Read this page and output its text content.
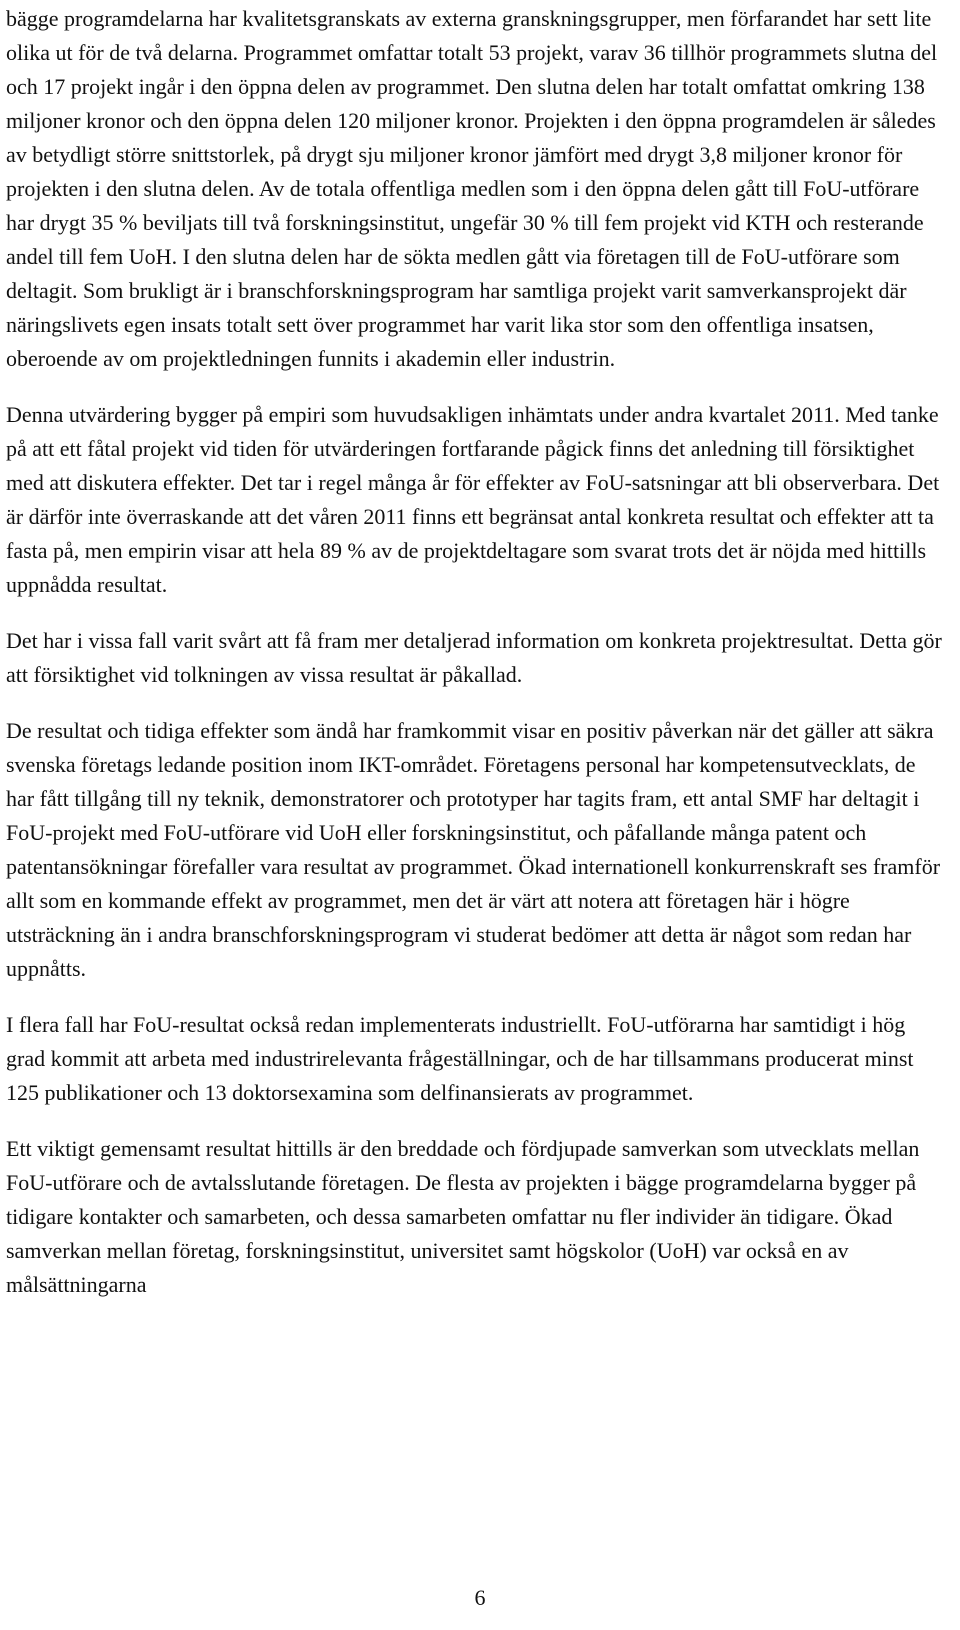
bägge programdelarna har kvalitetsgranskats av externa granskningsgrupper, men förfarandet har sett lite olika ut för de två delarna. Programmet omfattar totalt 53 projekt, varav 36 tillhör programmets slutna del och 17 projekt ingår i den öppna delen av programmet. Den slutna delen har totalt omfattat omkring 138 miljoner kronor och den öppna delen 120 miljoner kronor. Projekten i den öppna programdelen är således av betydligt större snittstorlek, på drygt sju miljoner kronor jämfört med drygt 3,8 miljoner kronor för projekten i den slutna delen. Av de totala offentliga medlen som i den öppna delen gått till FoU-utförare har drygt 35 % beviljats till två forskningsinstitut, ungefär 30 % till fem projekt vid KTH och resterande andel till fem UoH. I den slutna delen har de sökta medlen gått via företagen till de FoU-utförare som deltagit. Som brukligt är i branschforskningsprogram har samtliga projekt varit samverkansprojekt där näringslivets egen insats totalt sett över programmet har varit lika stor som den offentliga insatsen, oberoende av om projektledningen funnits i akademin eller industrin.

Denna utvärdering bygger på empiri som huvudsakligen inhämtats under andra kvartalet 2011. Med tanke på att ett fåtal projekt vid tiden för utvärderingen fortfarande pågick finns det anledning till försiktighet med att diskutera effekter. Det tar i regel många år för effekter av FoU-satsningar att bli observerbara. Det är därför inte överraskande att det våren 2011 finns ett begränsat antal konkreta resultat och effekter att ta fasta på, men empirin visar att hela 89 % av de projektdeltagare som svarat trots det är nöjda med hittills uppnådda resultat.

Det har i vissa fall varit svårt att få fram mer detaljerad information om konkreta projektresultat. Detta gör att försiktighet vid tolkningen av vissa resultat är påkallad.

De resultat och tidiga effekter som ändå har framkommit visar en positiv påverkan när det gäller att säkra svenska företags ledande position inom IKT-området. Företagens personal har kompetensutvecklats, de har fått tillgång till ny teknik, demonstratorer och prototyper har tagits fram, ett antal SMF har deltagit i FoU-projekt med FoU-utförare vid UoH eller forskningsinstitut, och påfallande många patent och patentansökningar förefaller vara resultat av programmet. Ökad internationell konkurrenskraft ses framför allt som en kommande effekt av programmet, men det är värt att notera att företagen här i högre utsträckning än i andra branschforskningsprogram vi studerat bedömer att detta är något som redan har uppnåtts.

I flera fall har FoU-resultat också redan implementerats industriellt. FoU-utförarna har samtidigt i hög grad kommit att arbeta med industrirelevanta frågeställningar, och de har tillsammans producerat minst 125 publikationer och 13 doktorsexamina som delfinansierats av programmet.

Ett viktigt gemensamt resultat hittills är den breddade och fördjupade samverkan som utvecklats mellan FoU-utförare och de avtalsslutande företagen. De flesta av projekten i bägge programdelarna bygger på tidigare kontakter och samarbeten, och dessa samarbeten omfattar nu fler individer än tidigare. Ökad samverkan mellan företag, forskningsinstitut, universitet samt högskolor (UoH) var också en av målsättningarna

6
